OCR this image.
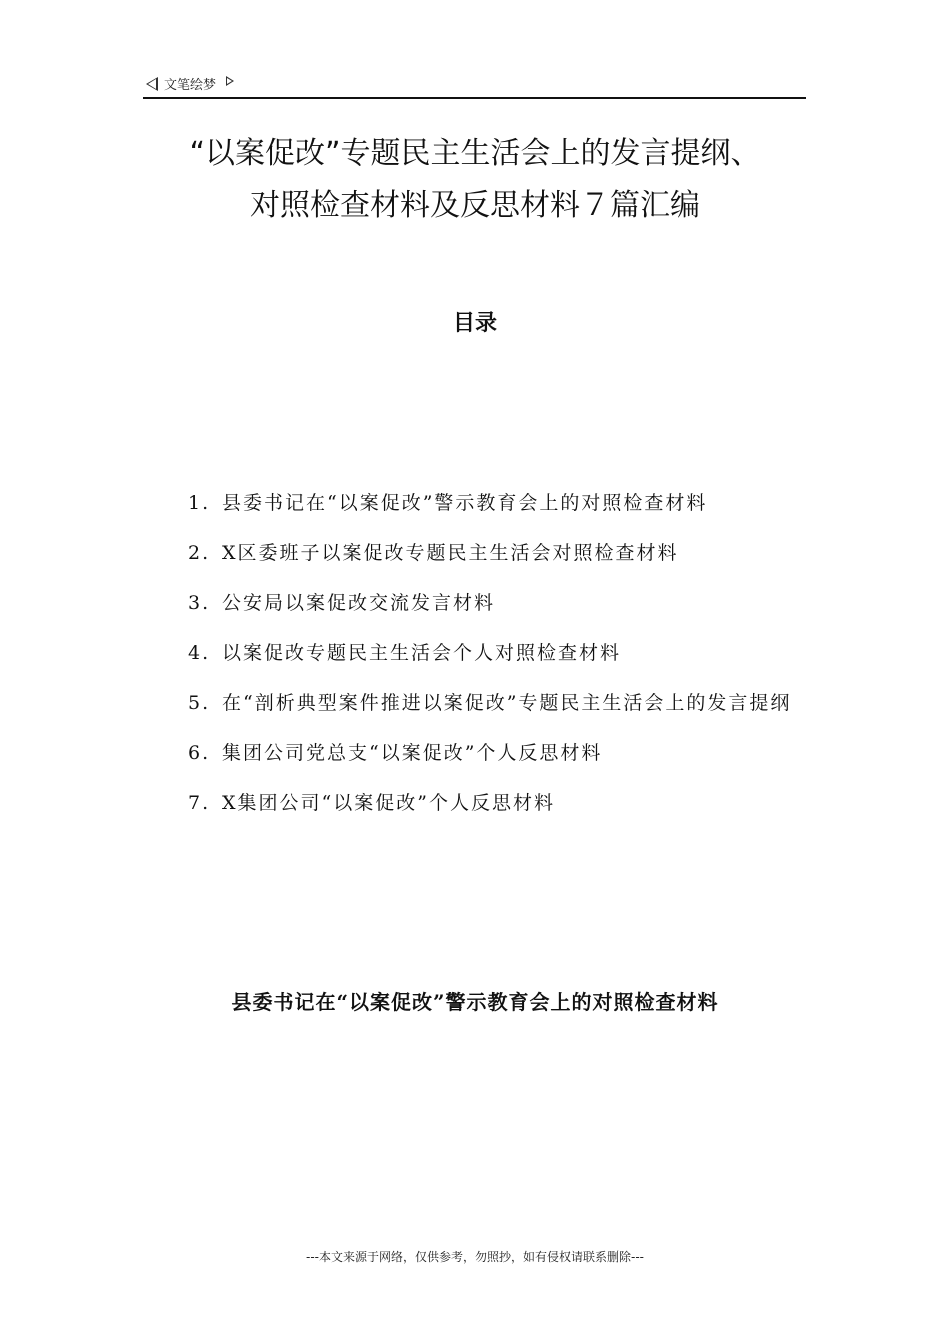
文笔绘梦
“以案促改”专题民主生活会上的发言提纲、
对照检查材料及反思材料７篇汇编
目录
1. 县委书记在“以案促改”警示教育会上的对照检查材料
2. X区委班子以案促改专题民主生活会对照检查材料
3. 公安局以案促改交流发言材料
4. 以案促改专题民主生活会个人对照检查材料
5. 在“剖析典型案件推进以案促改”专题民主生活会上的发言提纲
6. 集团公司党总支“以案促改”个人反思材料
7. X集团公司“以案促改”个人反思材料
县委书记在“以案促改”警示教育会上的对照检查材料
---本文来源于网络，仅供参考，勿照抄，如有侵权请联系删除---
